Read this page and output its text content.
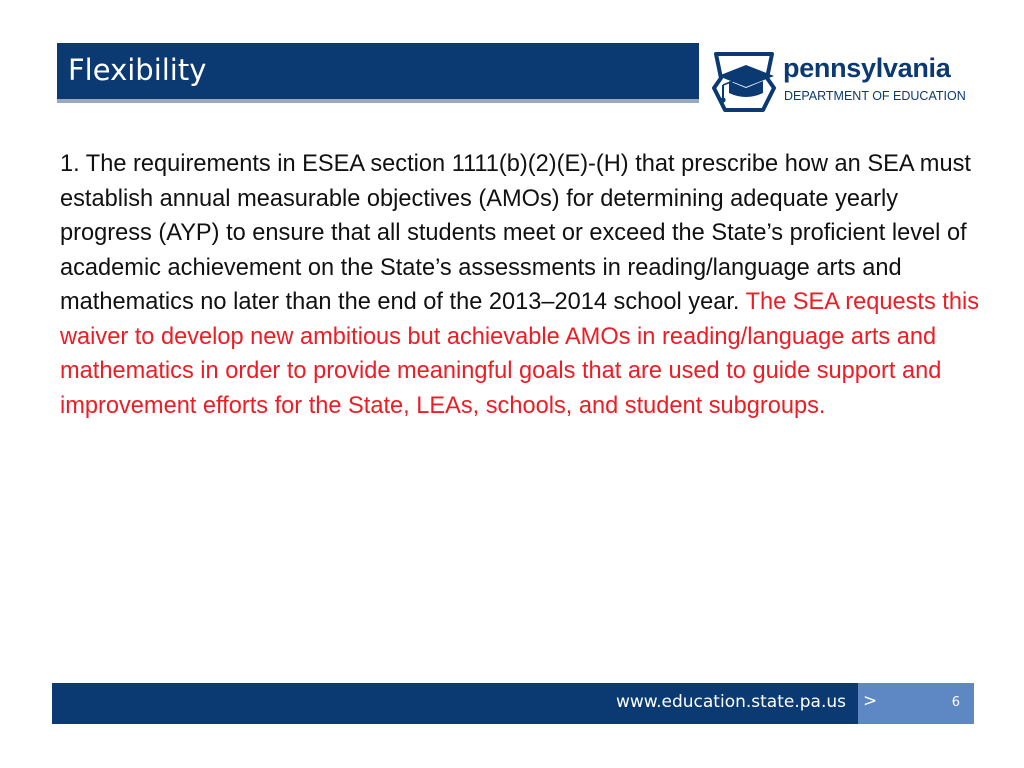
Flexibility	pennsylvania
DEPARTMENT OF EDUCATION

1. The requirements in ESEA section 1111(b)(2)(E)-(H) that prescribe how an SEA must establish annual measurable objectives (AMOs) for determining adequate yearly progress (AYP) to ensure that all students meet or exceed the State’s proficient level of academic achievement on the State’s assessments in reading/language arts and mathematics no later than the end of the 2013–2014 school year. The SEA requests this waiver to develop new ambitious but achievable AMOs in reading/language arts and mathematics in order to provide meaningful goals that are used to guide support and improvement efforts for the State, LEAs, schools, and student subgroups.

www.education.state.pa.us >	6
